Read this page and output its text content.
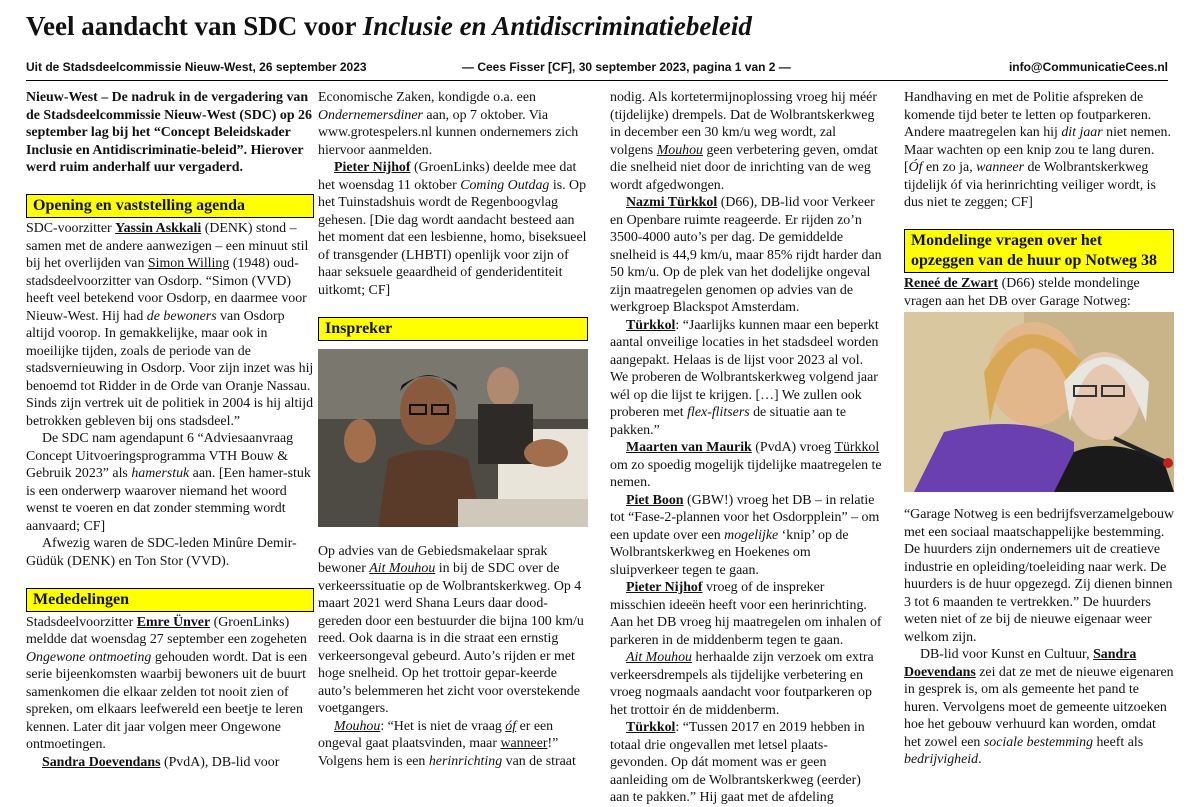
Veel aandacht van SDC voor Inclusie en Antidiscriminatiebeleid
Uit de Stadsdeelcommissie Nieuw-West, 26 september 2023	— Cees Fisser [CF], 30 september 2023, pagina 1 van 2 —	info@CommunicatieCees.nl

Nieuw-West – De nadruk in de vergadering van de Stadsdeelcommissie Nieuw-West (SDC) op 26 september lag bij het “Concept Beleidskader Inclusie en Antidiscriminatie-beleid”. Hierover werd ruim anderhalf uur vergaderd.

Opening en vaststelling agenda

SDC-voorzitter Yassin Askkali (DENK) stond – samen met de andere aanwezigen – een minuut stil bij het overlijden van Simon Willing (1948) oud-stadsdeelvoorzitter van Osdorp. “Simon (VVD) heeft veel betekend voor Osdorp, en daarmee voor Nieuw-West. Hij had de bewoners van Osdorp altijd voorop. In gemakkelijke, maar ook in moeilijke tijden, zoals de periode van de stadsvernieuwing in Osdorp. Voor zijn inzet was hij benoemd tot Ridder in de Orde van Oranje Nassau. Sinds zijn vertrek uit de politiek in 2004 is hij altijd betrokken gebleven bij ons stadsdeel.”

De SDC nam agendapunt 6 “Adviesaanvraag Concept Uitvoeringsprogramma VTH Bouw & Gebruik 2023” als hamerstuk aan. [Een hamer-stuk is een onderwerp waarover niemand het woord wenst te voeren en dat zonder stemming wordt aanvaard; CF]

Afwezig waren de SDC-leden Minûre Demir-Güdük (DENK) en Ton Stor (VVD).

Mededelingen

Stadsdeelvoorzitter Emre Ünver (GroenLinks) meldde dat woensdag 27 september een zogeheten Ongewone ontmoeting gehouden wordt. Dat is een serie bijeenkomsten waarbij bewoners uit de buurt samenkomen die elkaar zelden tot nooit zien of spreken, om elkaars leefwereld een beetje te leren kennen. Later dit jaar volgen meer Ongewone ontmoetingen.

Sandra Doevendans (PvdA), DB-lid voor

Economische Zaken, kondigde o.a. een Ondernemersdiner aan, op 7 oktober. Via www.grotespelers.nl kunnen ondernemers zich hiervoor aanmelden.

Pieter Nijhof (GroenLinks) deelde mee dat het woensdag 11 oktober Coming Outdag is. Op het Tuinstadshuis wordt de Regenboogvlag gehesen. [Die dag wordt aandacht besteed aan het moment dat een lesbienne, homo, biseksueel of transgender (LHBTI) openlijk voor zijn of haar seksuele geaardheid of genderidentiteit uitkomt; CF]

Inspreker

Op advies van de Gebiedsmakelaar sprak bewoner Ait Mouhou in bij de SDC over de verkeerssituatie op de Wolbrantskerkweg. Op 4 maart 2021 werd Shana Leurs daar dood-gereden door een bestuurder die bijna 100 km/u reed. Ook daarna is in die straat een ernstig verkeersongeval gebeurd. Auto’s rijden er met hoge snelheid. Op het trottoir gepar-keerde auto’s belemmeren het zicht voor overstekende voetgangers.

Mouhou: “Het is niet de vraag óf er een ongeval gaat plaatsvinden, maar wanneer!” Volgens hem is een herinrichting van de straat

nodig. Als kortetermijnoplossing vroeg hij méér (tijdelijke) drempels. Dat de Wolbrantskerkweg in december een 30 km/u weg wordt, zal volgens Mouhou geen verbetering geven, omdat die snelheid niet door de inrichting van de weg wordt afgedwongen.

Nazmi Türkkol (D66), DB-lid voor Verkeer en Openbare ruimte reageerde. Er rijden zo’n 3500-4000 auto’s per dag. De gemiddelde snelheid is 44,9 km/u, maar 85% rijdt harder dan 50 km/u. Op de plek van het dodelijke ongeval zijn maatregelen genomen op advies van de werkgroep Blackspot Amsterdam.

Türkkol: “Jaarlijks kunnen maar een beperkt aantal onveilige locaties in het stadsdeel worden aangepakt. Helaas is de lijst voor 2023 al vol. We proberen de Wolbrantskerkweg volgend jaar wél op die lijst te krijgen. […] We zullen ook proberen met flex-flitsers de situatie aan te pakken.”

Maarten van Maurik (PvdA) vroeg Türkkol om zo spoedig mogelijk tijdelijke maatregelen te nemen.

Piet Boon (GBW!) vroeg het DB – in relatie tot “Fase-2-plannen voor het Osdorpplein” – om een update over een mogelijke ‘knip’ op de Wolbrantskerkweg en Hoekenes om sluipverkeer tegen te gaan.

Pieter Nijhof vroeg of de inspreker misschien ideeën heeft voor een herinrichting. Aan het DB vroeg hij maatregelen om inhalen of parkeren in de middenberm tegen te gaan.

Ait Mouhou herhaalde zijn verzoek om extra verkeersdrempels als tijdelijke verbetering en vroeg nogmaals aandacht voor foutparkeren op het trottoir én de middenberm.

Türkkol: “Tussen 2017 en 2019 hebben in totaal drie ongevallen met letsel plaats-gevonden. Op dát moment was er geen aanleiding om de Wolbrantskerkweg (eerder) aan te pakken.” Hij gaat met de afdeling

Handhaving en met de Politie afspreken de komende tijd beter te letten op foutparkeren. Andere maatregelen kan hij dit jaar niet nemen. Maar wachten op een knip zou te lang duren. [Óf en zo ja, wanneer de Wolbrantskerkweg tijdelijk óf via herinrichting veiliger wordt, is dus niet te zeggen; CF]

Mondelinge vragen over het opzeggen van de huur op Notweg 38

Reneé de Zwart (D66) stelde mondelinge vragen aan het DB over Garage Notweg:

“Garage Notweg is een bedrijfsverzamelgebouw met een sociaal maatschappelijke bestemming. De huurders zijn ondernemers uit de creatieve industrie en opleiding/toeleiding naar werk. De huurders is de huur opgezegd. Zij dienen binnen 3 tot 6 maanden te vertrekken.” De huurders weten niet of ze bij de nieuwe eigenaar weer welkom zijn.

DB-lid voor Kunst en Cultuur, Sandra Doevendans zei dat ze met de nieuwe eigenaren in gesprek is, om als gemeente het pand te huren. Vervolgens moet de gemeente uitzoeken hoe het gebouw verhuurd kan worden, omdat het zowel een sociale bestemming heeft als bedrijvigheid.
